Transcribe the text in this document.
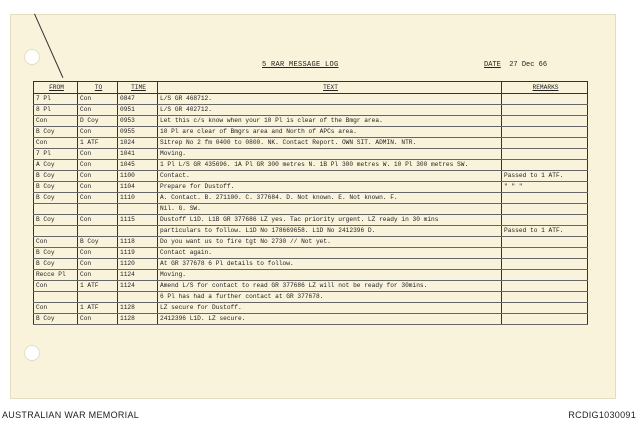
5 RAR MESSAGE LOG	DATE 27 Dec 66
FROM	TO	TIME	TEXT	REMARKS
7 Pl	Con	0847	L/S GR 468712.	
8 Pl	Con	0951	L/S GR 402712.	
Con	D Coy	0953	Let this c/s know when your 10 Pl is clear of the Bmgr area.	
B Coy	Con	0955	10 Pl are clear of Bmgrs area and North of APCs area.	
Con	1 ATF	1024	Sitrep No 2 fm 0400 to 0800. NK. Contact Report. OWN SIT. ADMIN. NTR.	
7 Pl	Con	1041	Moving.	
A Coy	Con	1045	1 Pl L/S GR 435696. 1A Pl GR 300 metres N. 1B Pl 300 metres W. 10 Pl 300 metres SW.	
B Coy	Con	1100	Contact.	Passed to 1 ATF.
B Coy	Con	1104	Prepare for Dustoff.	" " "
B Coy	Con	1110	A. Contact. B. 271100. C. 377684. D. Not known. E. Not known. F.	
			Nil. G. SW.	
B Coy	Con	1115	Dustoff L1D. L1B GR 377686 LZ yes. Tac priority urgent. LZ ready in 30 mins	
			particulars to follow. L1D No 178669658. L1D No 2412396 D.	Passed to 1 ATF.
Con	B Coy	1118	Do you want us to fire tgt No 2730 // Not yet.	
B Coy	Con	1119	Contact again.	
B Coy	Con	1120	At GR 377678 6 Pl details to follow.	
Recce Pl	Con	1124	Moving.	
Con	1 ATF	1124	Amend L/S for contact to read GR 377686 LZ will not be ready for 30mins.	
			6 Pl has had a further contact at GR 377678.	
Con	1 ATF	1128	LZ secure for Dustoff.	
B Coy	Con	1128	2412396 L1D. LZ secure.	
AUSTRALIAN WAR MEMORIAL	RCDIG1030091
